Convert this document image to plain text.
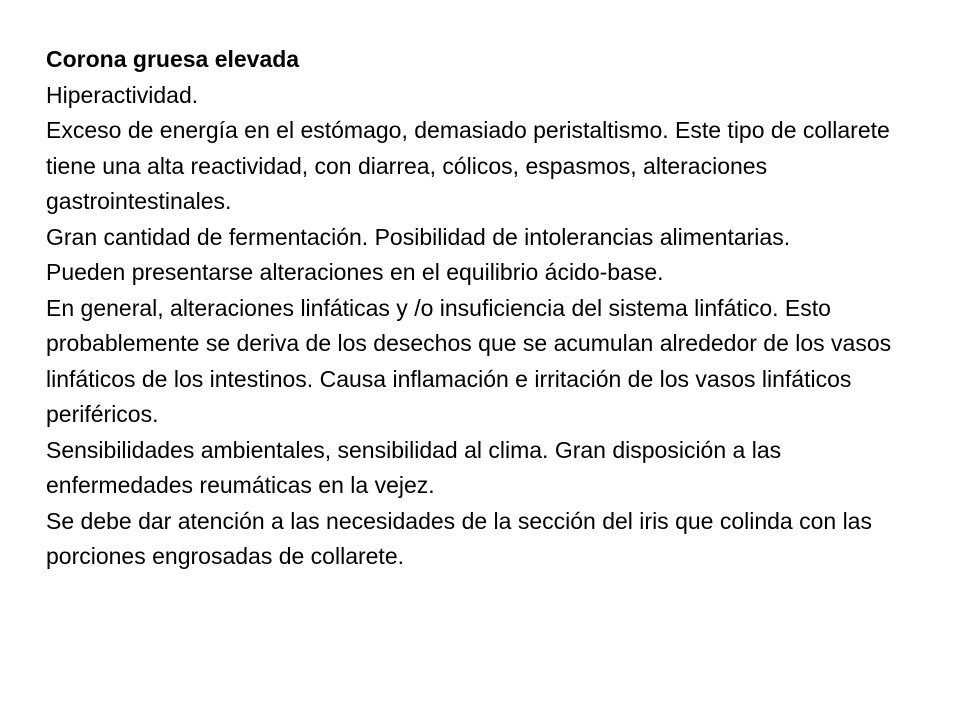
Corona gruesa elevada

Hiperactividad.

Exceso de energía en el estómago, demasiado peristaltismo. Este tipo de collarete tiene una alta reactividad, con diarrea, cólicos, espasmos, alteraciones gastrointestinales.

Gran cantidad de fermentación. Posibilidad de intolerancias alimentarias.

Pueden presentarse alteraciones en el equilibrio ácido-base.

En general, alteraciones linfáticas y /o insuficiencia del sistema linfático. Esto probablemente se deriva de los desechos que se acumulan alrededor de los vasos linfáticos de los intestinos. Causa inflamación e irritación de los vasos linfáticos periféricos.

Sensibilidades ambientales, sensibilidad al clima. Gran disposición a las enfermedades reumáticas en la vejez.

Se debe dar atención a las necesidades de la sección del iris que colinda con las porciones engrosadas de collarete.
